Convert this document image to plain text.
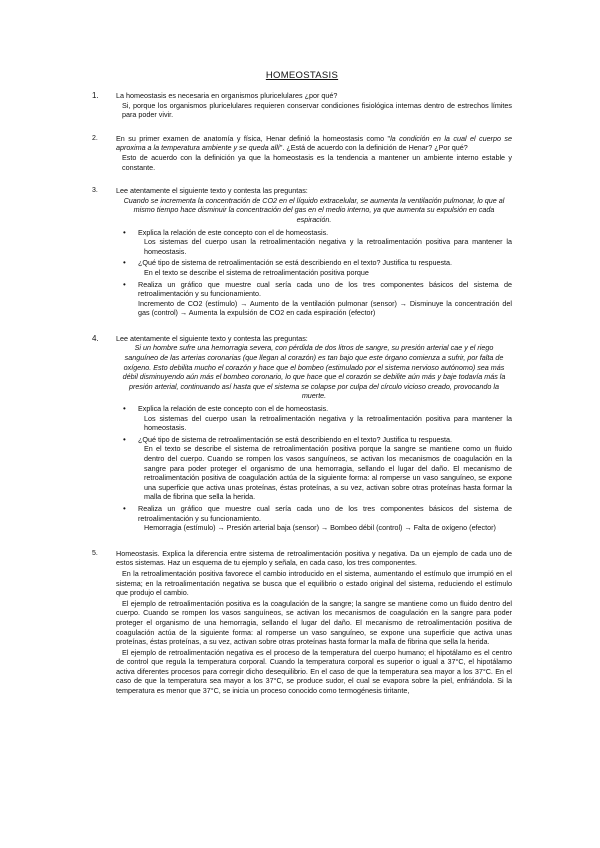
HOMEOSTASIS
1.	La homeostasis es necesaria en organismos pluricelulares ¿por qué?
Si, porque los organismos pluricelulares requieren conservar condiciones fisiológica internas dentro de estrechos límites para poder vivir.
2.	En su primer examen de anatomía y física, Henar definió la homeostasis como "la condición en la cual el cuerpo se aproxima a la temperatura ambiente y se queda allí". ¿Está de acuerdo con la definición de Henar? ¿Por qué?
Esto de acuerdo con la definición ya que la homeostasis es la tendencia a mantener un ambiente interno estable y constante.
3.	Lee atentamente el siguiente texto y contesta las preguntas:
Cuando se incrementa la concentración de CO2 en el líquido extracelular, se aumenta la ventilación pulmonar, lo que al mismo tiempo hace disminuir la concentración del gas en el medio interno, ya que aumenta su expulsión en cada espiración.
• Explica la relación de este concepto con el de homeostasis.
Los sistemas del cuerpo usan la retroalimentación negativa y la retroalimentación positiva para mantener la homeostasis.
• ¿Qué tipo de sistema de retroalimentación se está describiendo en el texto? Justifica tu respuesta.
En el texto se describe el sistema de retroalimentación positiva porque
• Realiza un gráfico que muestre cual sería cada uno de los tres componentes básicos del sistema de retroalimentación y su funcionamiento.
Incremento de CO2 (estímulo) → Aumento de la ventilación pulmonar (sensor) → Disminuye la concentración del gas (control) → Aumenta la expulsión de CO2 en cada espiración (efector)
4.	Lee atentamente el siguiente texto y contesta las preguntas:
Si un hombre sufre una hemorragia severa, con pérdida de dos litros de sangre, su presión arterial cae y el riego sanguíneo de las arterias coronarias (que llegan al corazón) es tan bajo que este órgano comienza a sufrir, por falta de oxígeno. Esto debilita mucho el corazón y hace que el bombeo (estimulado por el sistema nervioso autónomo) sea más débil disminuyendo aún más el bombeo coronario, lo que hace que el corazón se debilite aún más y baje todavía más la presión arterial, continuando así hasta que el sistema se colapse por culpa del círculo vicioso creado, provocando la muerte.
• Explica la relación de este concepto con el de homeostasis.
Los sistemas del cuerpo usan la retroalimentación negativa y la retroalimentación positiva para mantener la homeostasis.
• ¿Qué tipo de sistema de retroalimentación se está describiendo en el texto? Justifica tu respuesta.
En el texto se describe el sistema de retroalimentación positiva porque la sangre se mantiene como un fluido dentro del cuerpo. Cuando se rompen los vasos sanguíneos, se activan los mecanismos de coagulación en la sangre para poder proteger el organismo de una hemorragia, sellando el lugar del daño. El mecanismo de retroalimentación positiva de coagulación actúa de la siguiente forma: al romperse un vaso sanguíneo, se expone una superficie que activa unas proteínas, éstas proteínas, a su vez, activan sobre otras proteínas hasta formar la malla de fibrina que sella la herida.
• Realiza un gráfico que muestre cual sería cada uno de los tres componentes básicos del sistema de retroalimentación y su funcionamiento.
Hemorragia (estímulo) → Presión arterial baja (sensor) → Bombeo débil (control) → Falta de oxígeno (efector)
5.	Homeostasis. Explica la diferencia entre sistema de retroalimentación positiva y negativa. Da un ejemplo de cada uno de estos sistemas. Haz un esquema de tu ejemplo y señala, en cada caso, los tres componentes.
En la retroalimentación positiva favorece el cambio introducido en el sistema, aumentando el estímulo que irrumpió en el sistema; en la retroalimentación negativa se busca que el equilibrio o estado original del sistema, reduciendo el estímulo que produjo el cambio.
El ejemplo de retroalimentación positiva es la coagulación de la sangre; la sangre se mantiene como un fluido dentro del cuerpo. Cuando se rompen los vasos sanguíneos, se activan los mecanismos de coagulación en la sangre para poder proteger el organismo de una hemorragia, sellando el lugar del daño. El mecanismo de retroalimentación positiva de coagulación actúa de la siguiente forma: al romperse un vaso sanguíneo, se expone una superficie que activa unas proteínas, éstas proteínas, a su vez, activan sobre otras proteínas hasta formar la malla de fibrina que sella la herida.
El ejemplo de retroalimentación negativa es el proceso de la temperatura del cuerpo humano; el hipotálamo es el centro de control que regula la temperatura corporal. Cuando la temperatura corporal es superior o igual a 37°C, el hipotálamo activa diferentes procesos para corregir dicho desequilibrio. En el caso de que la temperatura sea mayor a los 37°C. En el caso de que la temperatura sea mayor a los 37°C, se produce sudor, el cual se evapora sobre la piel, enfriándola. Si la temperatura es menor que 37°C, se inicia un proceso conocido como termogénesis tiritante,
